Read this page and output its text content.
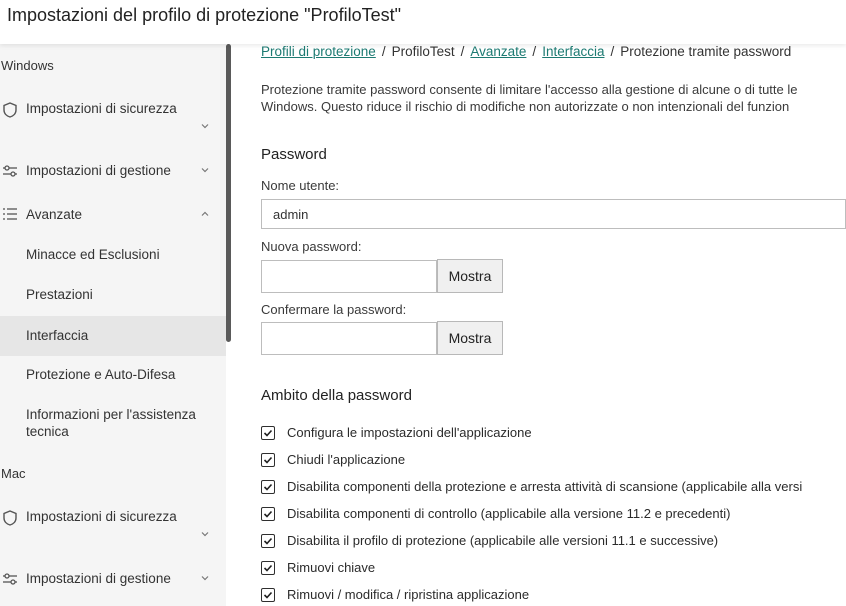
Impostazioni del profilo di protezione "ProfiloTest"
Windows
Impostazioni di sicurezza
Impostazioni di gestione
Avanzate
Minacce ed Esclusioni
Prestazioni
Interfaccia
Protezione e Auto-Difesa
Informazioni per l'assistenza tecnica
Mac
Impostazioni di sicurezza
Impostazioni di gestione
Profili di protezione / ProfiloTest / Avanzate / Interfaccia / Protezione tramite password
Protezione tramite password consente di limitare l'accesso alla gestione di alcune o di tutte le
Windows. Questo riduce il rischio di modifiche non autorizzate o non intenzionali del funzion
Password
Nome utente:
admin
Nuova password:
Mostra
Confermare la password:
Mostra
Ambito della password
Configura le impostazioni dell'applicazione
Chiudi l'applicazione
Disabilita componenti della protezione e arresta attività di scansione (applicabile alla versi
Disabilita componenti di controllo (applicabile alla versione 11.2 e precedenti)
Disabilita il profilo di protezione (applicabile alle versioni 11.1 e successive)
Rimuovi chiave
Rimuovi / modifica / ripristina applicazione
